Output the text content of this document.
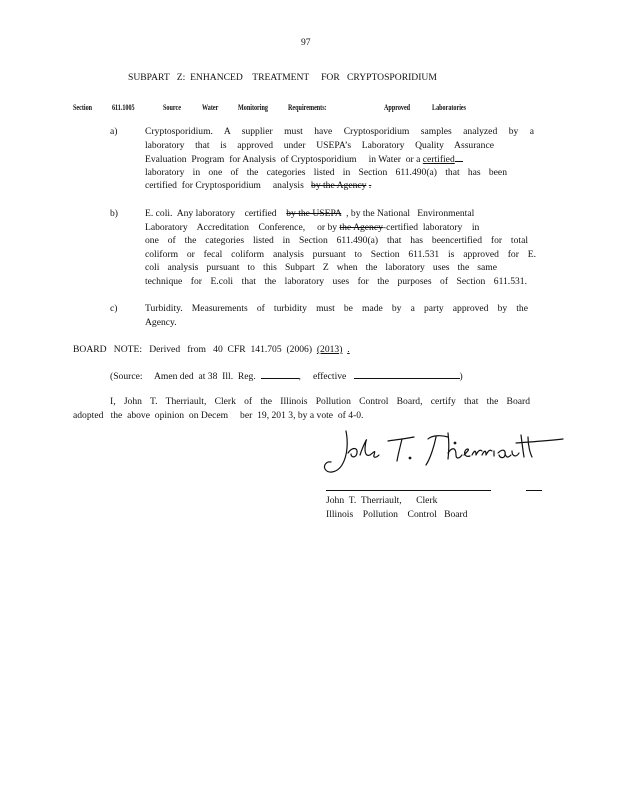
97
SUBPART   Z:  ENHANCED    TREATMENT     FOR   CRYPTOSPORIDIUM
Section 611.1005	Source Water Monitoring Requirements:	Approved	Laboratories
a)	Cryptosporidium. A supplier must have Cryptosporidium samples analyzed by a
laboratory that is approved under USEPA’s Laboratory Quality Assurance
Evaluation  Program  for Analysis  of Cryptosporidium     in Water  or a certified
laboratory in one of the categories listed in Section 611.490(a) that has been
certified  for Cryptosporidium     analysis by the Agency .
b)	E. coli.  Any laboratory    certified by the USEPA , by the National   Environmental
Laboratory    Accreditation    Conference,     or by the Agency-certified  laboratory    in
one of the categories listed in Section 611.490(a) that has beencertified for total
coliform or fecal coliform analysis pursuant to Section 611.531 is approved for E.
coli analysis pursuant to this Subpart Z when the laboratory uses the same
technique for E.coli that the laboratory uses for the purposes of Section 611.531.
c)	Turbidity. Measurements of turbidity must be made by a party approved by the
Agency.
BOARD   NOTE:   Derived   from   40  CFR  141.705  (2006) (2013) .
(Source:     Amen ded  at 38  Ill.  Reg.	,     effective	)
I, John T. Therriault, Clerk of the Illinois Pollution Control Board, certify that the Board
adopted   the  above  opinion  on Decem     ber  19, 201 3, by a vote  of 4-0.
John  T.  Therriault,      Clerk
Illinois    Pollution    Control   Board
